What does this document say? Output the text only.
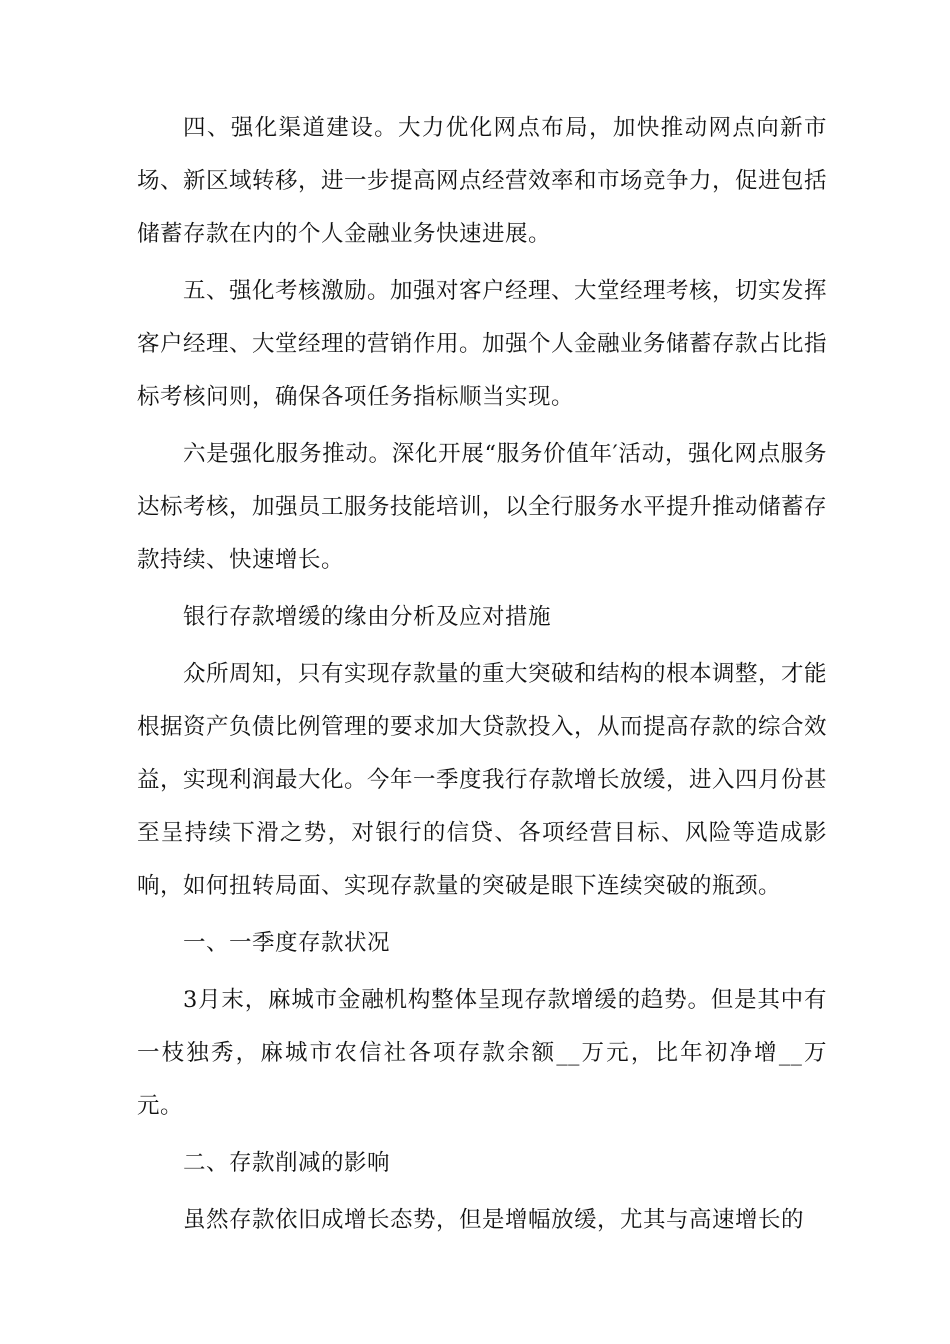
四、强化渠道建设。大力优化网点布局，加快推动网点向新市场、新区域转移，进一步提高网点经营效率和市场竞争力，促进包括储蓄存款在内的个人金融业务快速进展。

五、强化考核激励。加强对客户经理、大堂经理考核，切实发挥客户经理、大堂经理的营销作用。加强个人金融业务储蓄存款占比指标考核问则，确保各项任务指标顺当实现。

六是强化服务推动。深化开展“服务价值年′活动，强化网点服务达标考核，加强员工服务技能培训，以全行服务水平提升推动储蓄存款持续、快速增长。

银行存款增缓的缘由分析及应对措施

众所周知，只有实现存款量的重大突破和结构的根本调整，才能根据资产负债比例管理的要求加大贷款投入，从而提高存款的综合效益，实现利润最大化。今年一季度我行存款增长放缓，进入四月份甚至呈持续下滑之势，对银行的信贷、各项经营目标、风险等造成影响，如何扭转局面、实现存款量的突破是眼下连续突破的瓶颈。

一、一季度存款状况

3月末，麻城市金融机构整体呈现存款增缓的趋势。但是其中有一枝独秀，麻城市农信社各项存款余额__万元，比年初净增__万元。

二、存款削减的影响

虽然存款依旧成增长态势，但是增幅放缓，尤其与高速增长的
